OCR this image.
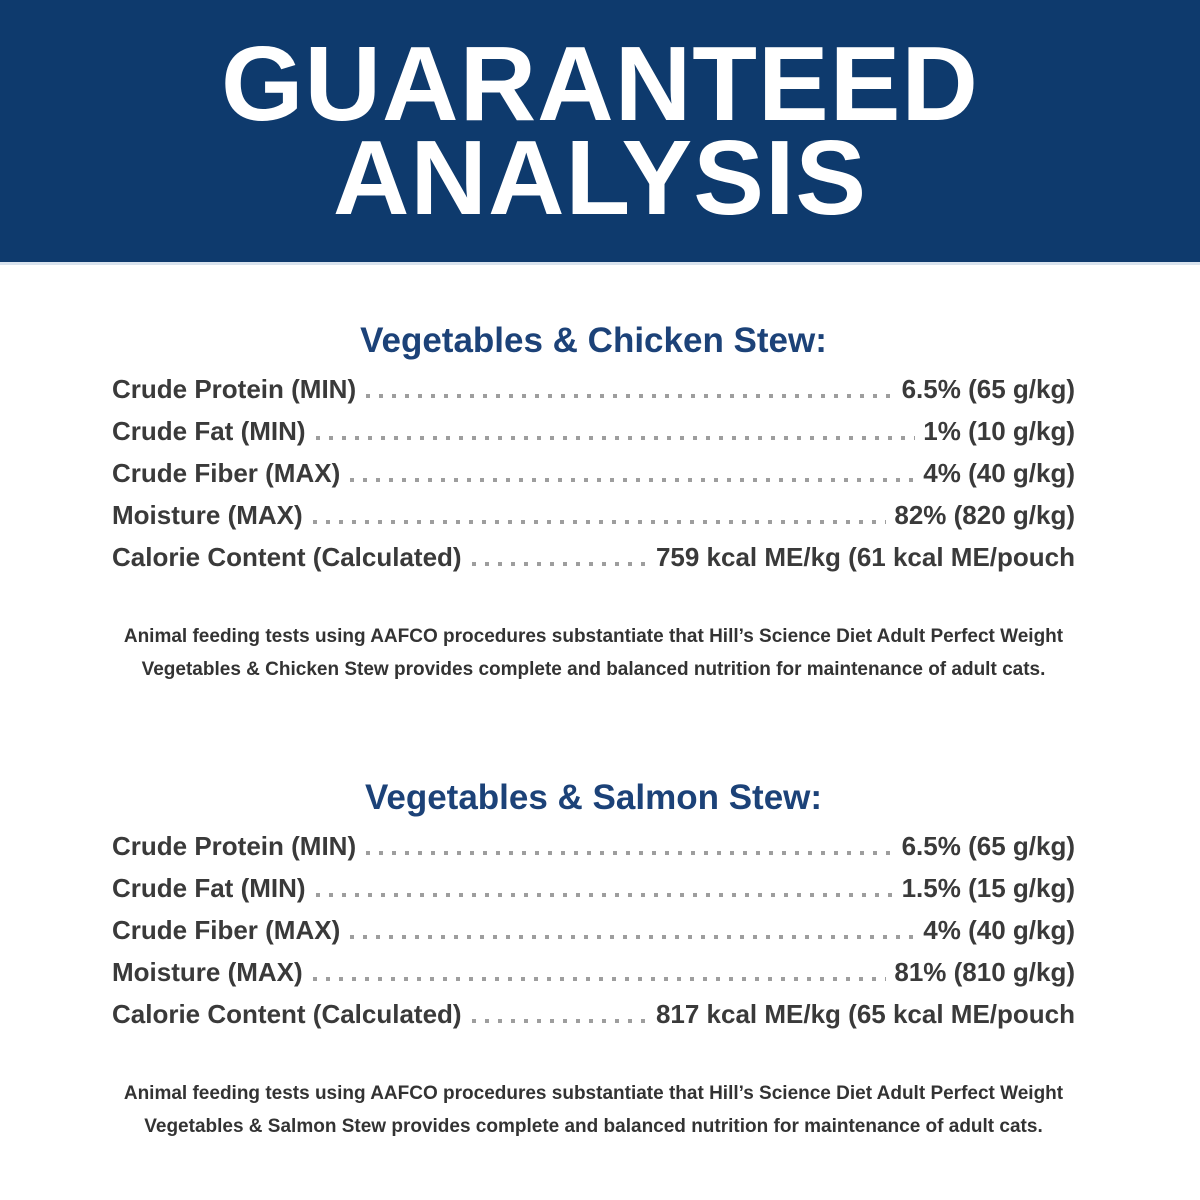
GUARANTEED
ANALYSIS
Vegetables & Chicken Stew:
Crude Protein (MIN)	6.5% (65 g/kg)
Crude Fat (MIN)	1% (10 g/kg)
Crude Fiber (MAX)	4% (40 g/kg)
Moisture (MAX)	82% (820 g/kg)
Calorie Content (Calculated)	759 kcal ME/kg (61 kcal ME/pouch
Animal feeding tests using AAFCO procedures substantiate that Hill’s Science Diet Adult Perfect Weight
Vegetables & Chicken Stew provides complete and balanced nutrition for maintenance of adult cats.
Vegetables & Salmon Stew:
Crude Protein (MIN)	6.5% (65 g/kg)
Crude Fat (MIN)	1.5% (15 g/kg)
Crude Fiber (MAX)	4% (40 g/kg)
Moisture (MAX)	81% (810 g/kg)
Calorie Content (Calculated)	817 kcal ME/kg (65 kcal ME/pouch
Animal feeding tests using AAFCO procedures substantiate that Hill’s Science Diet Adult Perfect Weight
Vegetables & Salmon Stew provides complete and balanced nutrition for maintenance of adult cats.
